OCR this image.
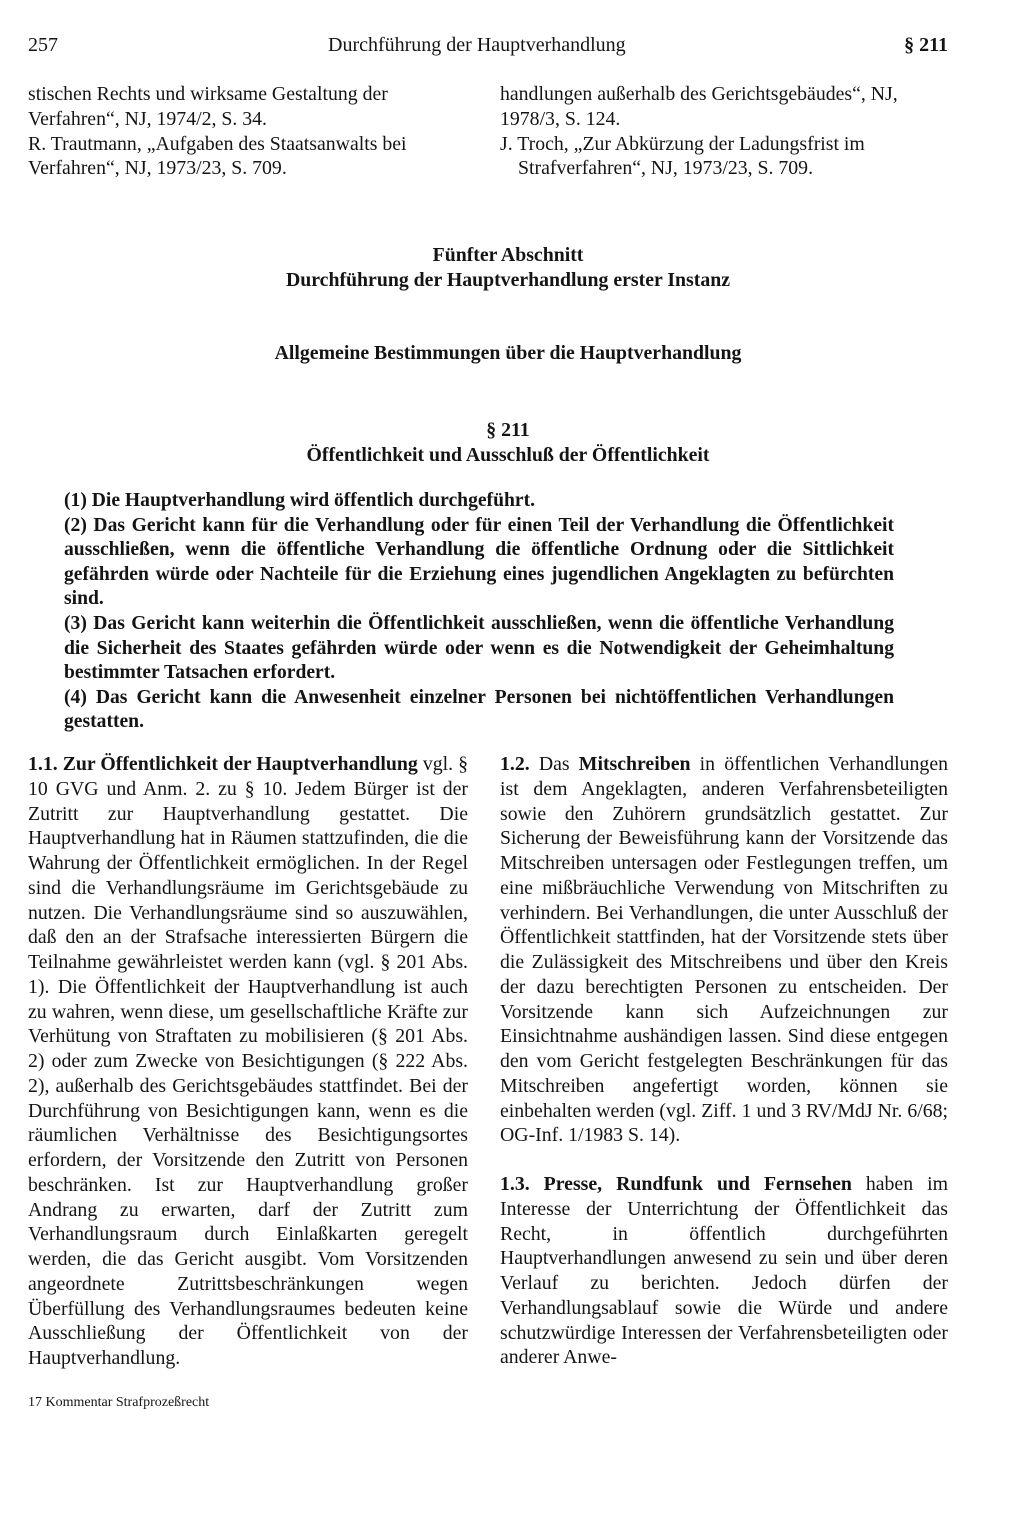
257	Durchführung der Hauptverhandlung	§ 211

stischen Rechts und wirksame Gestaltung der Verfahren“, NJ, 1974/2, S. 34.

R. Trautmann, „Aufgaben des Staatsanwalts bei Verfahren“, NJ, 1973/23, S. 709.

handlungen außerhalb des Gerichtsgebäudes“, NJ, 1978/3, S. 124.

J. Troch, „Zur Abkürzung der Ladungsfrist im Strafverfahren“, NJ, 1973/23, S. 709.

Fünfter Abschnitt
Durchführung der Hauptverhandlung erster Instanz
Allgemeine Bestimmungen über die Hauptverhandlung
§ 211
Öffentlichkeit und Ausschluß der Öffentlichkeit

(1) Die Hauptverhandlung wird öffentlich durchgeführt.

(2) Das Gericht kann für die Verhandlung oder für einen Teil der Verhandlung die Öffentlichkeit ausschließen, wenn die öffentliche Verhandlung die öffentliche Ordnung oder die Sittlichkeit gefährden würde oder Nachteile für die Erziehung eines jugendlichen Angeklagten zu befürchten sind.

(3) Das Gericht kann weiterhin die Öffentlichkeit ausschließen, wenn die öffentliche Verhandlung die Sicherheit des Staates gefährden würde oder wenn es die Notwendigkeit der Geheimhaltung bestimmter Tatsachen erfordert.

(4) Das Gericht kann die Anwesenheit einzelner Personen bei nichtöffentlichen Verhandlungen gestatten.

1.1. Zur Öffentlichkeit der Hauptverhandlung vgl. § 10 GVG und Anm. 2. zu § 10. Jedem Bürger ist der Zutritt zur Hauptverhandlung gestattet. Die Hauptverhandlung hat in Räumen stattzufinden, die die Wahrung der Öffentlichkeit ermöglichen. In der Regel sind die Verhandlungsräume im Gerichtsgebäude zu nutzen. Die Verhandlungsräume sind so auszuwählen, daß den an der Strafsache interessierten Bürgern die Teilnahme gewährleistet werden kann (vgl. § 201 Abs. 1). Die Öffentlichkeit der Hauptverhandlung ist auch zu wahren, wenn diese, um gesellschaftliche Kräfte zur Verhütung von Straftaten zu mobilisieren (§ 201 Abs. 2) oder zum Zwecke von Besichtigungen (§ 222 Abs. 2), außerhalb des Gerichtsgebäudes stattfindet. Bei der Durchführung von Besichtigungen kann, wenn es die räumlichen Verhältnisse des Besichtigungsortes erfordern, der Vorsitzende den Zutritt von Personen beschränken. Ist zur Hauptverhandlung großer Andrang zu erwarten, darf der Zutritt zum Verhandlungsraum durch Einlaßkarten geregelt werden, die das Gericht ausgibt. Vom Vorsitzenden angeordnete Zutrittsbeschränkungen wegen Überfüllung des Verhandlungsraumes bedeuten keine Ausschließung der Öffentlichkeit von der Hauptverhandlung.

1.2. Das Mitschreiben in öffentlichen Verhandlungen ist dem Angeklagten, anderen Verfahrensbeteiligten sowie den Zuhörern grundsätzlich gestattet. Zur Sicherung der Beweisführung kann der Vorsitzende das Mitschreiben untersagen oder Festlegungen treffen, um eine mißbräuchliche Verwendung von Mitschriften zu verhindern. Bei Verhandlungen, die unter Ausschluß der Öffentlichkeit stattfinden, hat der Vorsitzende stets über die Zulässigkeit des Mitschreibens und über den Kreis der dazu berechtigten Personen zu entscheiden. Der Vorsitzende kann sich Aufzeichnungen zur Einsichtnahme aushändigen lassen. Sind diese entgegen den vom Gericht festgelegten Beschränkungen für das Mitschreiben angefertigt worden, können sie einbehalten werden (vgl. Ziff. 1 und 3 RV/MdJ Nr. 6/68; OG-Inf. 1/1983 S. 14).

1.3. Presse, Rundfunk und Fernsehen haben im Interesse der Unterrichtung der Öffentlichkeit das Recht, in öffentlich durchgeführten Hauptverhandlungen anwesend zu sein und über deren Verlauf zu berichten. Jedoch dürfen der Verhandlungsablauf sowie die Würde und andere schutzwürdige Interessen der Verfahrensbeteiligten oder anderer Anwe-

17 Kommentar Strafprozeßrecht
